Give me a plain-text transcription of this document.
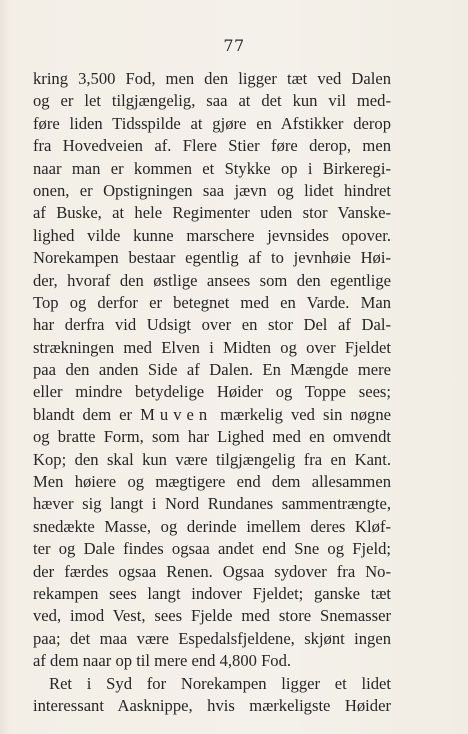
77
kring 3,500 Fod, men den ligger tæt ved Dalen
og er let tilgjængelig, saa at det kun vil med-
føre liden Tidsspilde at gjøre en Afstikker derop
fra Hovedveien af. Flere Stier føre derop, men
naar man er kommen et Stykke op i Birkeregi-
onen, er Opstigningen saa jævn og lidet hindret
af Buske, at hele Regimenter uden stor Vanske-
lighed vilde kunne marschere jevnsides opover.
Norekampen bestaar egentlig af to jevnhøie Høi-
der, hvoraf den østlige ansees som den egentlige
Top og derfor er betegnet med en Varde. Man
har derfra vid Udsigt over en stor Del af Dal-
strækningen med Elven i Midten og over Fjeldet
paa den anden Side af Dalen. En Mængde mere
eller mindre betydelige Høider og Toppe sees;
blandt dem er Muven mærkelig ved sin nøgne
og bratte Form, som har Lighed med en omvendt
Kop; den skal kun være tilgjængelig fra en Kant.
Men høiere og mægtigere end dem allesammen
hæver sig langt i Nord Rundanes sammentrængte,
snedækte Masse, og derinde imellem deres Kløf-
ter og Dale findes ogsaa andet end Sne og Fjeld;
der færdes ogsaa Renen. Ogsaa sydover fra No-
rekampen sees langt indover Fjeldet; ganske tæt
ved, imod Vest, sees Fjelde med store Snemasser
paa; det maa være Espedalsfjeldene, skjønt ingen
af dem naar op til mere end 4,800 Fod.
Ret i Syd for Norekampen ligger et lidet
interessant Aasknippe, hvis mærkeligste Høider
